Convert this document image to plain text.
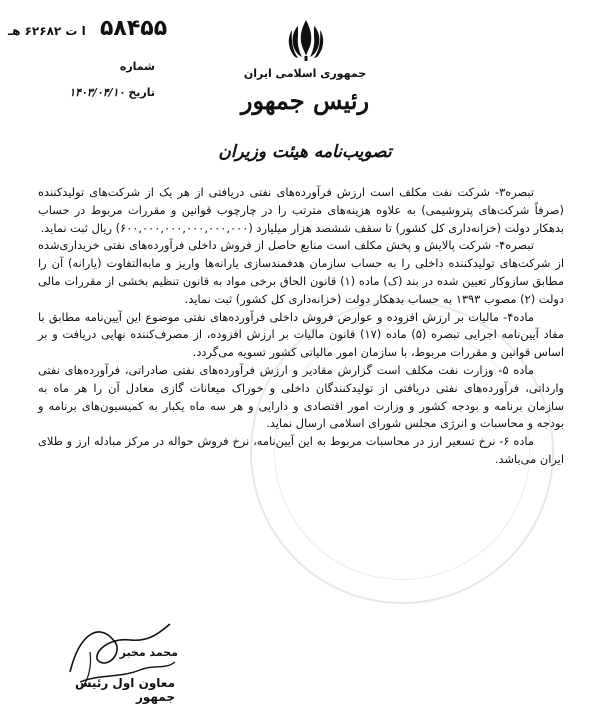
ا ت ۶۲۶۸۲ هـ ۵۸۴۵۵
شماره
تاریخ ۱۴۰۳/۰۴/۱۰
جمهوری اسلامی ایران
رئیس جمهور
تصویب‌نامه هیئت وزیران

تبصره۳- شرکت نفت مکلف است ارزش فرآورده‌های نفتی دریافتی از هر یک از شرکت‌های تولیدکننده (صرفاً شرکت‌های پتروشیمی) به علاوه هزینه‌های مترتب را در چارچوب قوانین و مقررات مربوط در حساب بدهکار دولت (خزانه‌داری کل کشور) تا سقف ششصد هزار میلیارد (۶۰۰,۰۰۰,۰۰۰,۰۰۰,۰۰۰,۰۰۰) ریال ثبت نماید.

تبصره۴- شرکت پالایش و پخش مکلف است منابع حاصل از فروش داخلی فرآورده‌های نفتی خریداری‌شده از شرکت‌های تولیدکننده داخلی را به حساب سازمان هدفمندسازی یارانه‌ها واریز و مابه‌التفاوت (یارانه) آن را مطابق سازوکار تعیین شده در بند (ک) ماده (۱) قانون الحاق برخی مواد به قانون تنظیم بخشی از مقررات مالی دولت (۲) مصوب ۱۳۹۳ به حساب بدهکار دولت (خزانه‌داری کل کشور) ثبت نماید.

ماده۴- مالیات بر ارزش افزوده و عوارض فروش داخلی فرآورده‌های نفتی موضوع این آیین‌نامه مطابق با مفاد آیین‌نامه اجرایی تبصره (۵) ماده (۱۷) قانون مالیات بر ارزش افزوده، از مصرف‌کننده نهایی دریافت و بر اساس قوانین و مقررات مربوط، با سازمان امور مالیاتی کشور تسویه می‌گردد.

ماده ۵- وزارت نفت مکلف است گزارش مقادیر و ارزش فرآورده‌های نفتی صادراتی، فرآورده‌های نفتی وارداتی، فرآورده‌های نفتی دریافتی از تولیدکنندگان داخلی و خوراک میعانات گازی معادل آن را هر ماه به سازمان برنامه و بودجه کشور و وزارت امور اقتصادی و دارایی و هر سه ماه یکبار به کمیسیون‌های برنامه و بودجه و محاسبات و انرژی مجلس شورای اسلامی ارسال نماید.

ماده ۶- نرخ تسعیر ارز در محاسبات مربوط به این آیین‌نامه، نرخ فروش حواله در مرکز مبادله ارز و طلای ایران می‌باشد.

محمد مخبر
معاون اول رئیس جمهور
